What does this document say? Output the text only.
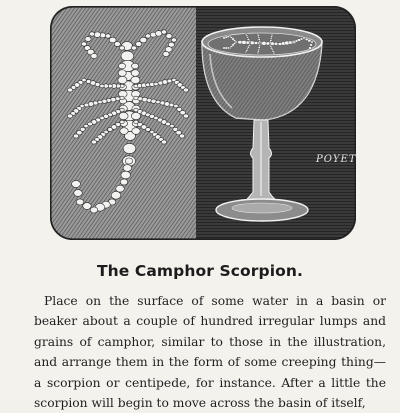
POYET
The Camphor Scorpion.

Place on the surface of some water in a basin or beaker about a couple of hundred irregular lumps and grains of camphor, similar to those in the illustration, and arrange them in the form of some creeping thing—a scorpion or centipede, for instance. After a little the scorpion will begin to move across the basin of itself,
